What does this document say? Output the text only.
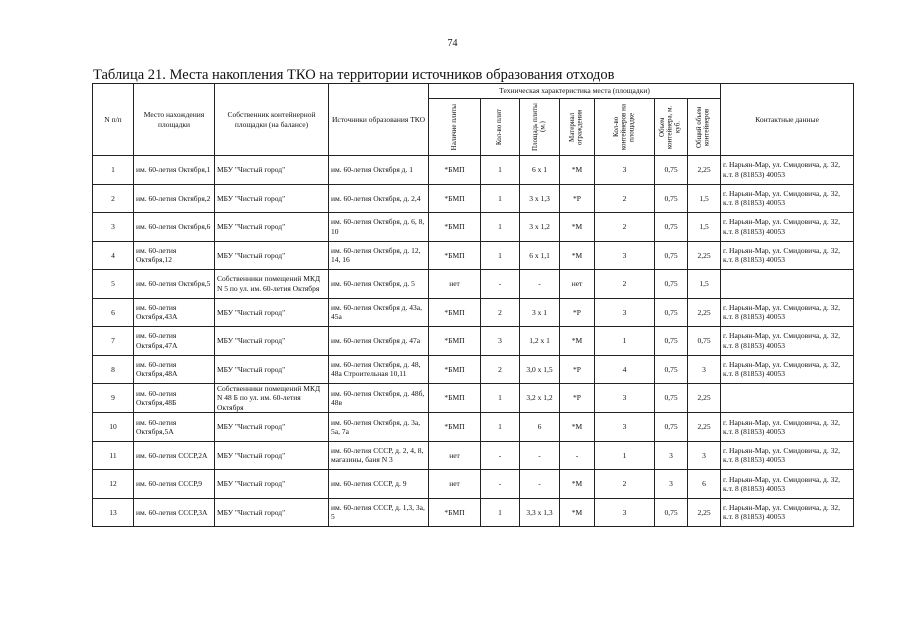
74
Таблица 21. Места накопления ТКО на территории источников образования отходов
N п/п	Место нахождения площадки	Собственник контейнерной площадки (на балансе)	Источники образования ТКО	Техническая характеристика места (площадки)							Контактные данные

				Наличие плиты	Кол-во плит	Площадь плиты (м.)	Материал ограждения	Кол-во контейнеров на площадке	Объем контейнера, м. куб.	Общий объем контейнеров	

1	им. 60-летия Октября,1	МБУ "Чистый город"	им. 60-летия Октября д. 1	*БМП	1	6 х 1	*М	3	0,75	2,25	г. Нарьян-Мар, ул. Смидовича, д. 32, к.т. 8 (81853) 40053
2	им. 60-летия Октября,2	МБУ "Чистый город"	им. 60-летия Октября, д. 2,4	*БМП	1	3 х 1,3	*Р	2	0,75	1,5	г. Нарьян-Мар, ул. Смидовича, д. 32, к.т. 8 (81853) 40053
3	им. 60-летия Октября,6	МБУ "Чистый город"	им. 60-летия Октября, д. 6, 8, 10	*БМП	1	3 х 1,2	*М	2	0,75	1,5	г. Нарьян-Мар, ул. Смидовича, д. 32, к.т. 8 (81853) 40053
4	им. 60-летия Октября,12	МБУ "Чистый город"	им. 60-летия Октября, д. 12, 14, 16	*БМП	1	6 х 1,1	*М	3	0,75	2,25	г. Нарьян-Мар, ул. Смидовича, д. 32, к.т. 8 (81853) 40053
5	им. 60-летия Октября,5	Собственники помещений МКД N 5 по ул. им. 60-летия Октября	им. 60-летия Октября, д. 5	нет	-	-	нет	2	0,75	1,5	
6	им. 60-летия Октября,43А	МБУ "Чистый город"	им. 60-летия Октября д. 43а, 45а	*БМП	2	3 х 1	*Р	3	0,75	2,25	г. Нарьян-Мар, ул. Смидовича, д. 32, к.т. 8 (81853) 40053
7	им. 60-летия Октября,47А	МБУ "Чистый город"	им. 60-летия Октября д. 47а	*БМП	3	1,2 х 1	*М	1	0,75	0,75	г. Нарьян-Мар, ул. Смидовича, д. 32, к.т. 8 (81853) 40053
8	им. 60-летия Октября,48А	МБУ "Чистый город"	им. 60-летия Октября, д. 48, 48а Строительная 10,11	*БМП	2	3,0 х 1,5	*Р	4	0,75	3	г. Нарьян-Мар, ул. Смидовича, д. 32, к.т. 8 (81853) 40053
9	им. 60-летия Октября,48Б	Собственники помещений МКД N 48 Б по ул. им. 60-летия Октября	им. 60-летия Октября, д. 48б, 48в	*БМП	1	3,2 х 1,2	*Р	3	0,75	2,25	
10	им. 60-летия Октября,5А	МБУ "Чистый город"	им. 60-летия Октября, д. 3а, 5а, 7а	*БМП	1	6	*М	3	0,75	2,25	г. Нарьян-Мар, ул. Смидовича, д. 32, к.т. 8 (81853) 40053
11	им. 60-летия СССР,2А	МБУ "Чистый город"	им. 60-летия СССР, д. 2, 4, 8, магазины, баня N 3	нет	-	-	-	1	3	3	г. Нарьян-Мар, ул. Смидовича, д. 32, к.т. 8 (81853) 40053
12	им. 60-летия СССР,9	МБУ "Чистый город"	им. 60-летия СССР, д. 9	нет	-	-	*М	2	3	6	г. Нарьян-Мар, ул. Смидовича, д. 32, к.т. 8 (81853) 40053
13	им. 60-летия СССР,3А	МБУ "Чистый город"	им. 60-летия СССР, д. 1,3, 3а, 5	*БМП	1	3,3 х 1,3	*М	3	0,75	2,25	г. Нарьян-Мар, ул. Смидовича, д. 32, к.т. 8 (81853) 40053
